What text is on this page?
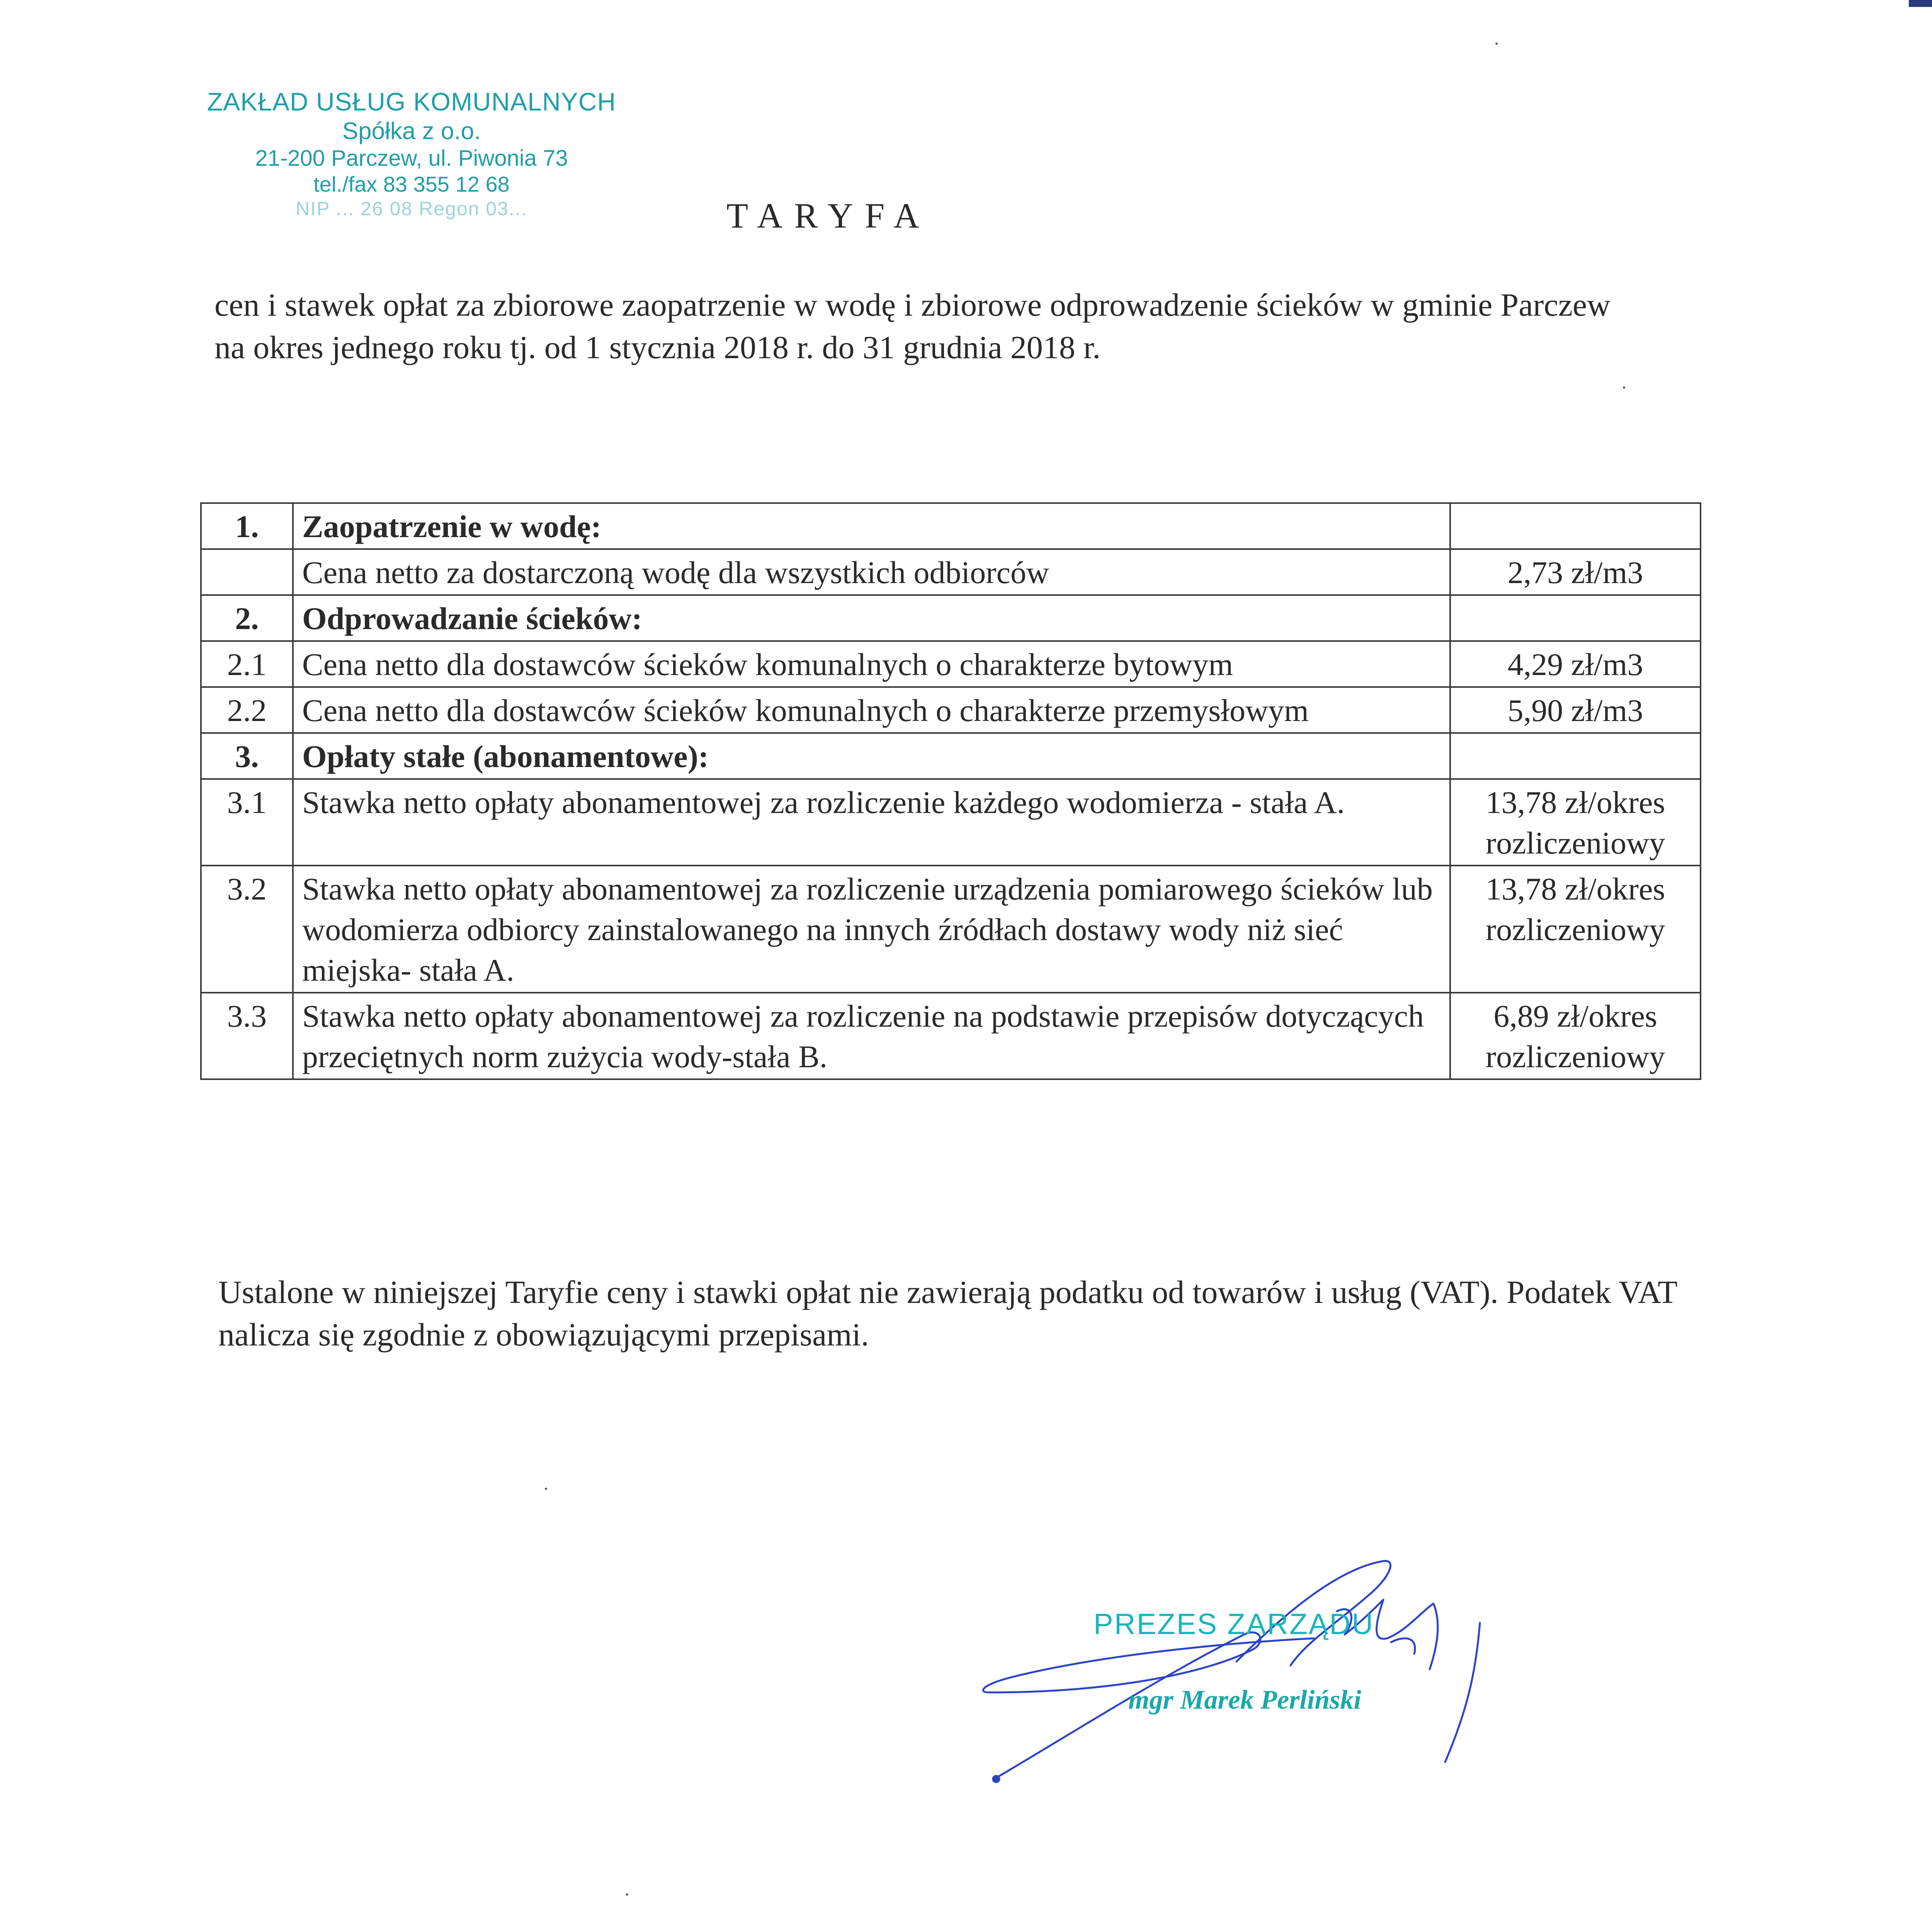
ZAKŁAD USŁUG KOMUNALNYCH
Spółka z o.o.
21-200 Parczew, ul. Piwonia 73
tel./fax 83 355 12 68
NIP ... 26 08 Regon 03...	TARYFA

cen i stawek opłat za zbiorowe zaopatrzenie w wodę i zbiorowe odprowadzenie ścieków w gminie Parczew na okres jednego roku tj. od 1 stycznia 2018 r. do 31 grudnia 2018 r.

1.	Zaopatrzenie w wodę:	
	Cena netto za dostarczoną wodę dla wszystkich odbiorców	2,73 zł/m3
2.	Odprowadzanie ścieków:	
2.1	Cena netto dla dostawców ścieków komunalnych o charakterze bytowym	4,29 zł/m3
2.2	Cena netto dla dostawców ścieków komunalnych o charakterze przemysłowym	5,90 zł/m3
3.	Opłaty stałe (abonamentowe):	
3.1	Stawka netto opłaty abonamentowej za rozliczenie każdego wodomierza - stała A.	13,78 zł/okres rozliczeniowy
3.2	Stawka netto opłaty abonamentowej za rozliczenie urządzenia pomiarowego ścieków lub wodomierza odbiorcy zainstalowanego na innych źródłach dostawy wody niż sieć miejska- stała A.	13,78 zł/okres rozliczeniowy
3.3	Stawka netto opłaty abonamentowej za rozliczenie na podstawie przepisów dotyczących przeciętnych norm zużycia wody-stała B.	6,89 zł/okres rozliczeniowy

Ustalone w niniejszej Taryfie ceny i stawki opłat nie zawierają podatku od towarów i usług (VAT). Podatek VAT nalicza się zgodnie z obowiązującymi przepisami.

PREZES ZARZĄDU
mgr Marek Perliński
